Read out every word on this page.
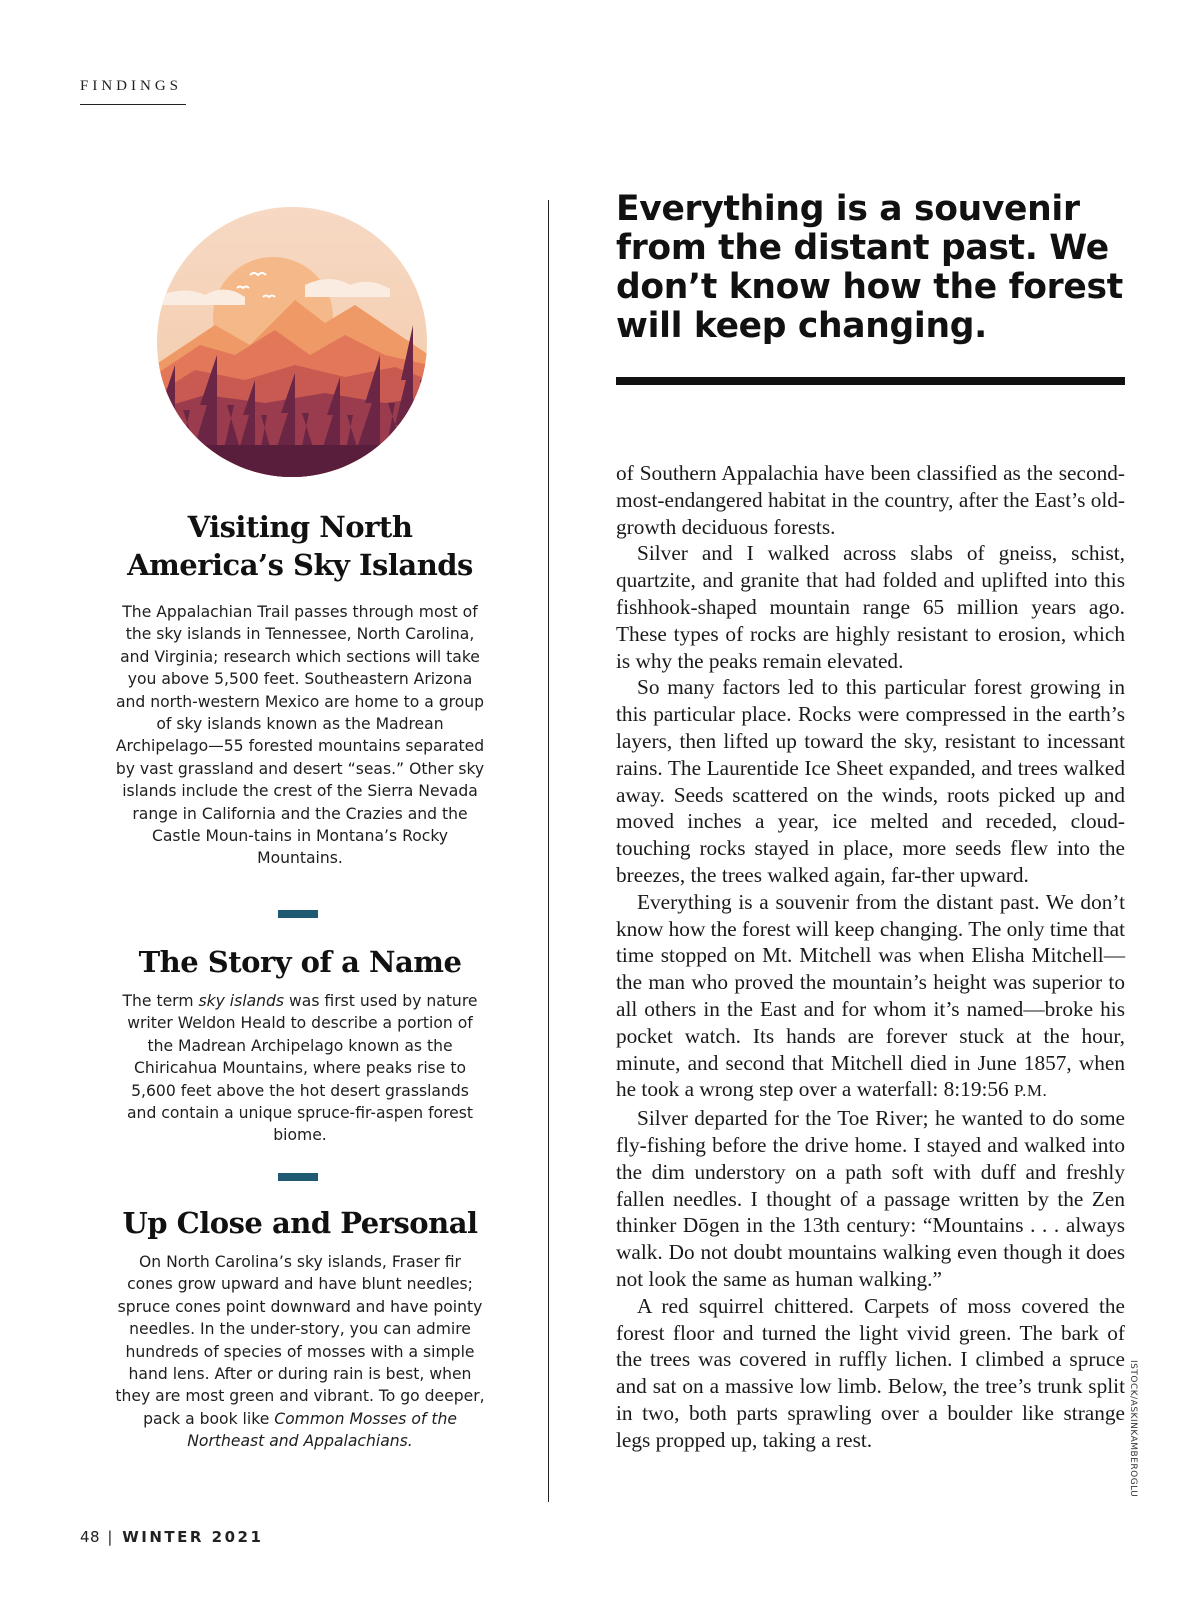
FINDINGS
Visiting North
America’s Sky Islands

The Appalachian Trail passes through most of the sky islands in Tennessee, North Carolina, and Virginia; research which sections will take you above 5,500 feet. Southeastern Arizona and north-western Mexico are home to a group of sky islands known as the Madrean Archipelago—55 forested mountains separated by vast grassland and desert “seas.” Other sky islands include the crest of the Sierra Nevada range in California and the Crazies and the Castle Moun-tains in Montana’s Rocky Mountains.

The Story of a Name

The term sky islands was first used by nature writer Weldon Heald to describe a portion of the Madrean Archipelago known as the Chiricahua Mountains, where peaks rise to 5,600 feet above the hot desert grasslands and contain a unique spruce-fir-aspen forest biome.

Up Close and Personal

On North Carolina’s sky islands, Fraser fir cones grow upward and have blunt needles; spruce cones point downward and have pointy needles. In the under-story, you can admire hundreds of species of mosses with a simple hand lens. After or during rain is best, when they are most green and vibrant. To go deeper, pack a book like Common Mosses of the Northeast and Appalachians.

Everything is a souvenir from the distant past. We don’t know how the forest will keep changing.

of Southern Appalachia have been classified as the second-most-endangered habitat in the country, after the East’s old-growth deciduous forests.

Silver and I walked across slabs of gneiss, schist, quartzite, and granite that had folded and uplifted into this fishhook-shaped mountain range 65 million years ago. These types of rocks are highly resistant to erosion, which is why the peaks remain elevated.

So many factors led to this particular forest growing in this particular place. Rocks were compressed in the earth’s layers, then lifted up toward the sky, resistant to incessant rains. The Laurentide Ice Sheet expanded, and trees walked away. Seeds scattered on the winds, roots picked up and moved inches a year, ice melted and receded, cloud-touching rocks stayed in place, more seeds flew into the breezes, the trees walked again, far-ther upward.

Everything is a souvenir from the distant past. We don’t know how the forest will keep changing. The only time that time stopped on Mt. Mitchell was when Elisha Mitchell—the man who proved the mountain’s height was superior to all others in the East and for whom it’s named—broke his pocket watch. Its hands are forever stuck at the hour, minute, and second that Mitchell died in June 1857, when he took a wrong step over a waterfall: 8:19:56 P.M.

Silver departed for the Toe River; he wanted to do some fly-fishing before the drive home. I stayed and walked into the dim understory on a path soft with duff and freshly fallen needles. I thought of a passage written by the Zen thinker Dōgen in the 13th century: “Mountains . . . always walk. Do not doubt mountains walking even though it does not look the same as human walking.”

A red squirrel chittered. Carpets of moss covered the forest floor and turned the light vivid green. The bark of the trees was covered in ruffly lichen. I climbed a spruce and sat on a massive low limb. Below, the tree’s trunk split in two, both parts sprawling over a boulder like strange legs propped up, taking a rest.	ISTOCK/ASKINKAMBEROGLU
48 | WINTER 2021
